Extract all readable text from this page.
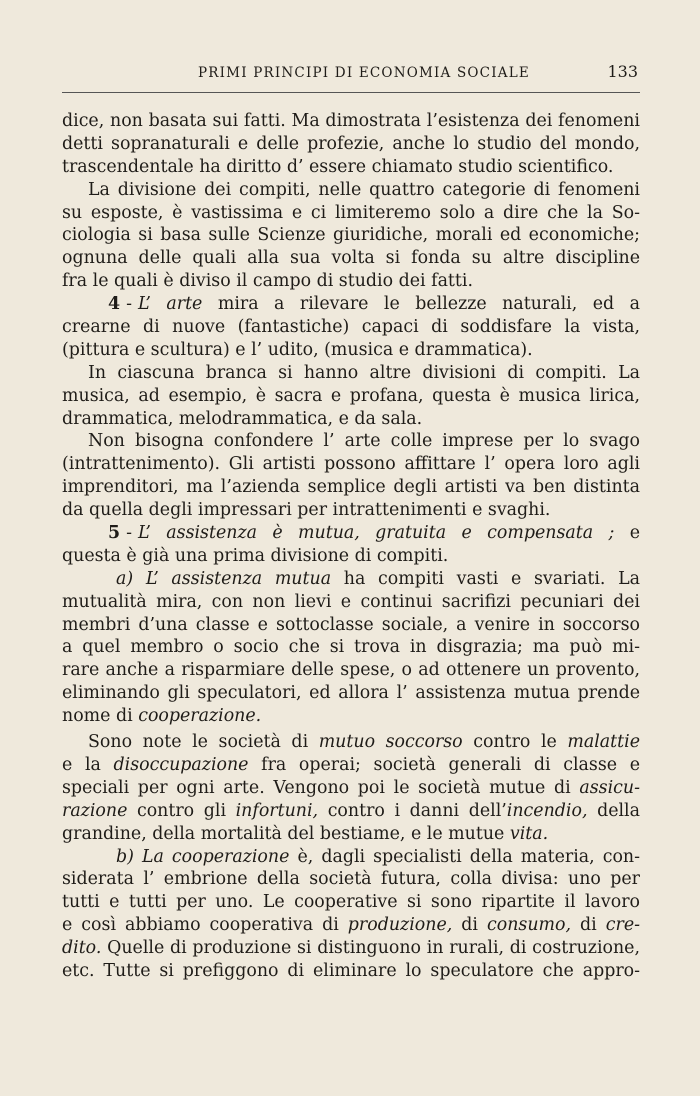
PRIMI PRINCIPI DI ECONOMIA SOCIALE	133
dice, non basata sui fatti. Ma dimostrata l’esistenza dei fenomeni
detti sopranaturali e delle profezie, anche lo studio del mondo,
trascendentale ha diritto d’ essere chiamato studio scientifico.
La divisione dei compiti, nelle quattro categorie di fenomeni
su esposte, è vastissima e ci limiteremo solo a dire che la So-
ciologia si basa sulle Scienze giuridiche, morali ed economiche;
ognuna delle quali alla sua volta si fonda su altre discipline
fra le quali è diviso il campo di studio dei fatti.
4 - L’ arte mira a rilevare le bellezze naturali, ed a
crearne di nuove (fantastiche) capaci di soddisfare la vista,
(pittura e scultura) e l’ udito, (musica e drammatica).
In ciascuna branca si hanno altre divisioni di compiti. La
musica, ad esempio, è sacra e profana, questa è musica lirica,
drammatica, melodrammatica, e da sala.
Non bisogna confondere l’ arte colle imprese per lo svago
(intrattenimento). Gli artisti possono affittare l’ opera loro agli
imprenditori, ma l’azienda semplice degli artisti va ben distinta
da quella degli impressari per intrattenimenti e svaghi.
5 - L’ assistenza è mutua, gratuita e compensata ; e
questa è già una prima divisione di compiti.
a) L’ assistenza mutua ha compiti vasti e svariati. La
mutualità mira, con non lievi e continui sacrifizi pecuniari dei
membri d’una classe e sottoclasse sociale, a venire in soccorso
a quel membro o socio che si trova in disgrazia; ma può mi-
rare anche a risparmiare delle spese, o ad ottenere un provento,
eliminando gli speculatori, ed allora l’ assistenza mutua prende
nome di cooperazione.
Sono note le società di mutuo soccorso contro le malattie
e la disoccupazione fra operai; società generali di classe e
speciali per ogni arte. Vengono poi le società mutue di assicu-
razione contro gli infortuni, contro i danni dell’incendio, della
grandine, della mortalità del bestiame, e le mutue vita.
b) La cooperazione è, dagli specialisti della materia, con-
siderata l’ embrione della società futura, colla divisa: uno per
tutti e tutti per uno. Le cooperative si sono ripartite il lavoro
e così abbiamo cooperativa di produzione, di consumo, di cre-
dito. Quelle di produzione si distinguono in rurali, di costruzione,
etc. Tutte si prefiggono di eliminare lo speculatore che appro-
